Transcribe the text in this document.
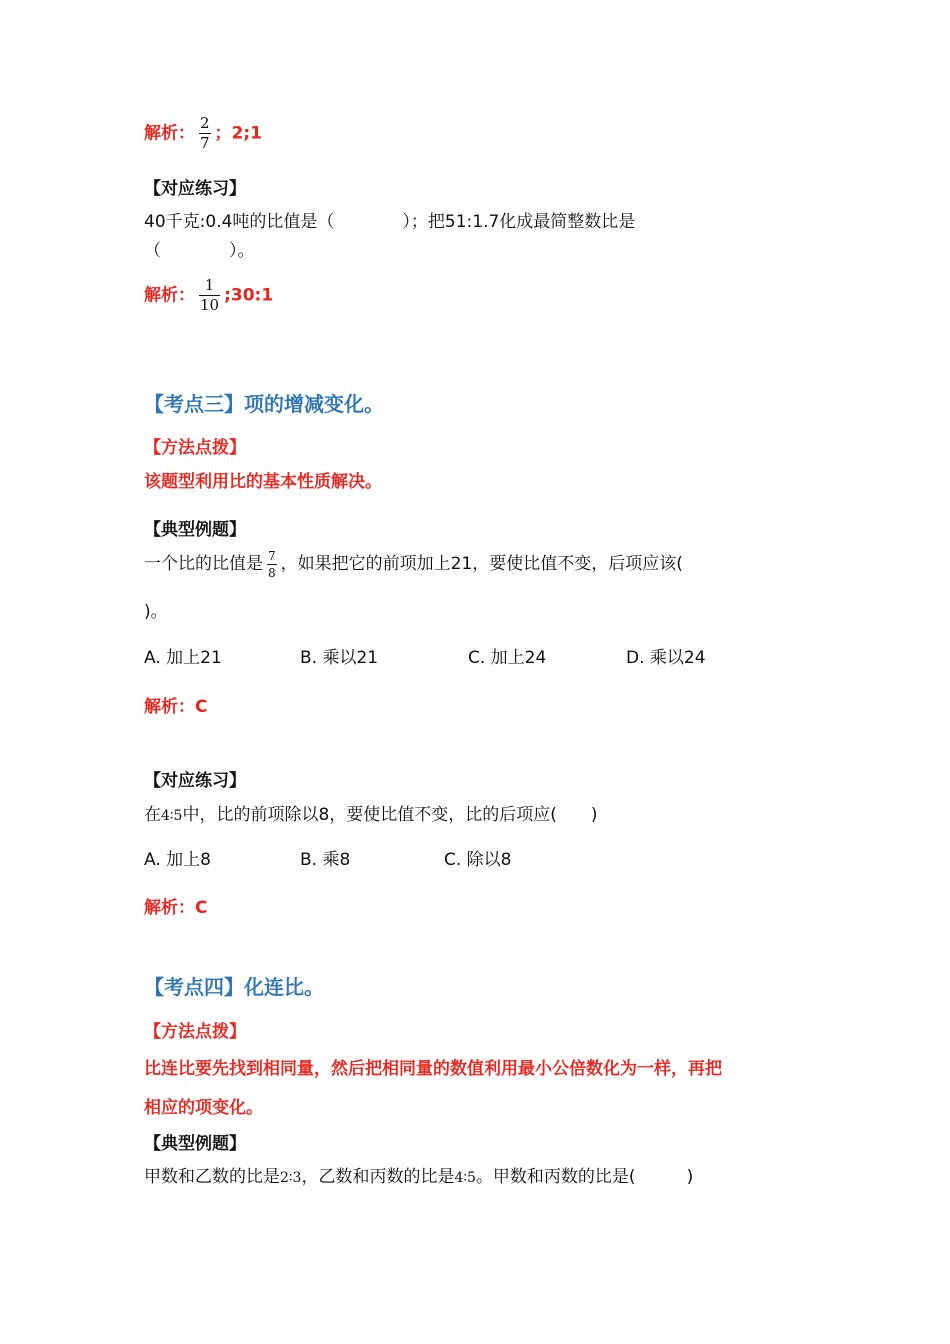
解析： $\frac{2}{7}$ ；2;1
【对应练习】
40千克:0.4吨的比值是（　　　　）；把51:1.7化成最简整数比是
（　　　　）。
解析： $\frac{1}{10}$ ;30:1
【考点三】项的增减变化。
【方法点拨】
该题型利用比的基本性质解决。
【典型例题】
一个比的比值是 $\frac{7}{8}$ ，如果把它的前项加上21，要使比值不变，后项应该(
)。
A. 加上21	B. 乘以21	C. 加上24	D. 乘以24
解析：C
【对应练习】
在4∶5中，比的前项除以8，要使比值不变，比的后项应(　　)
A. 加上8	B. 乘8	C. 除以8
解析：C
【考点四】化连比。
【方法点拨】
比连比要先找到相同量，然后把相同量的数值利用最小公倍数化为一样，再把
相应的项变化。
【典型例题】
甲数和乙数的比是2∶3，乙数和丙数的比是4∶5。甲数和丙数的比是(　　　)
